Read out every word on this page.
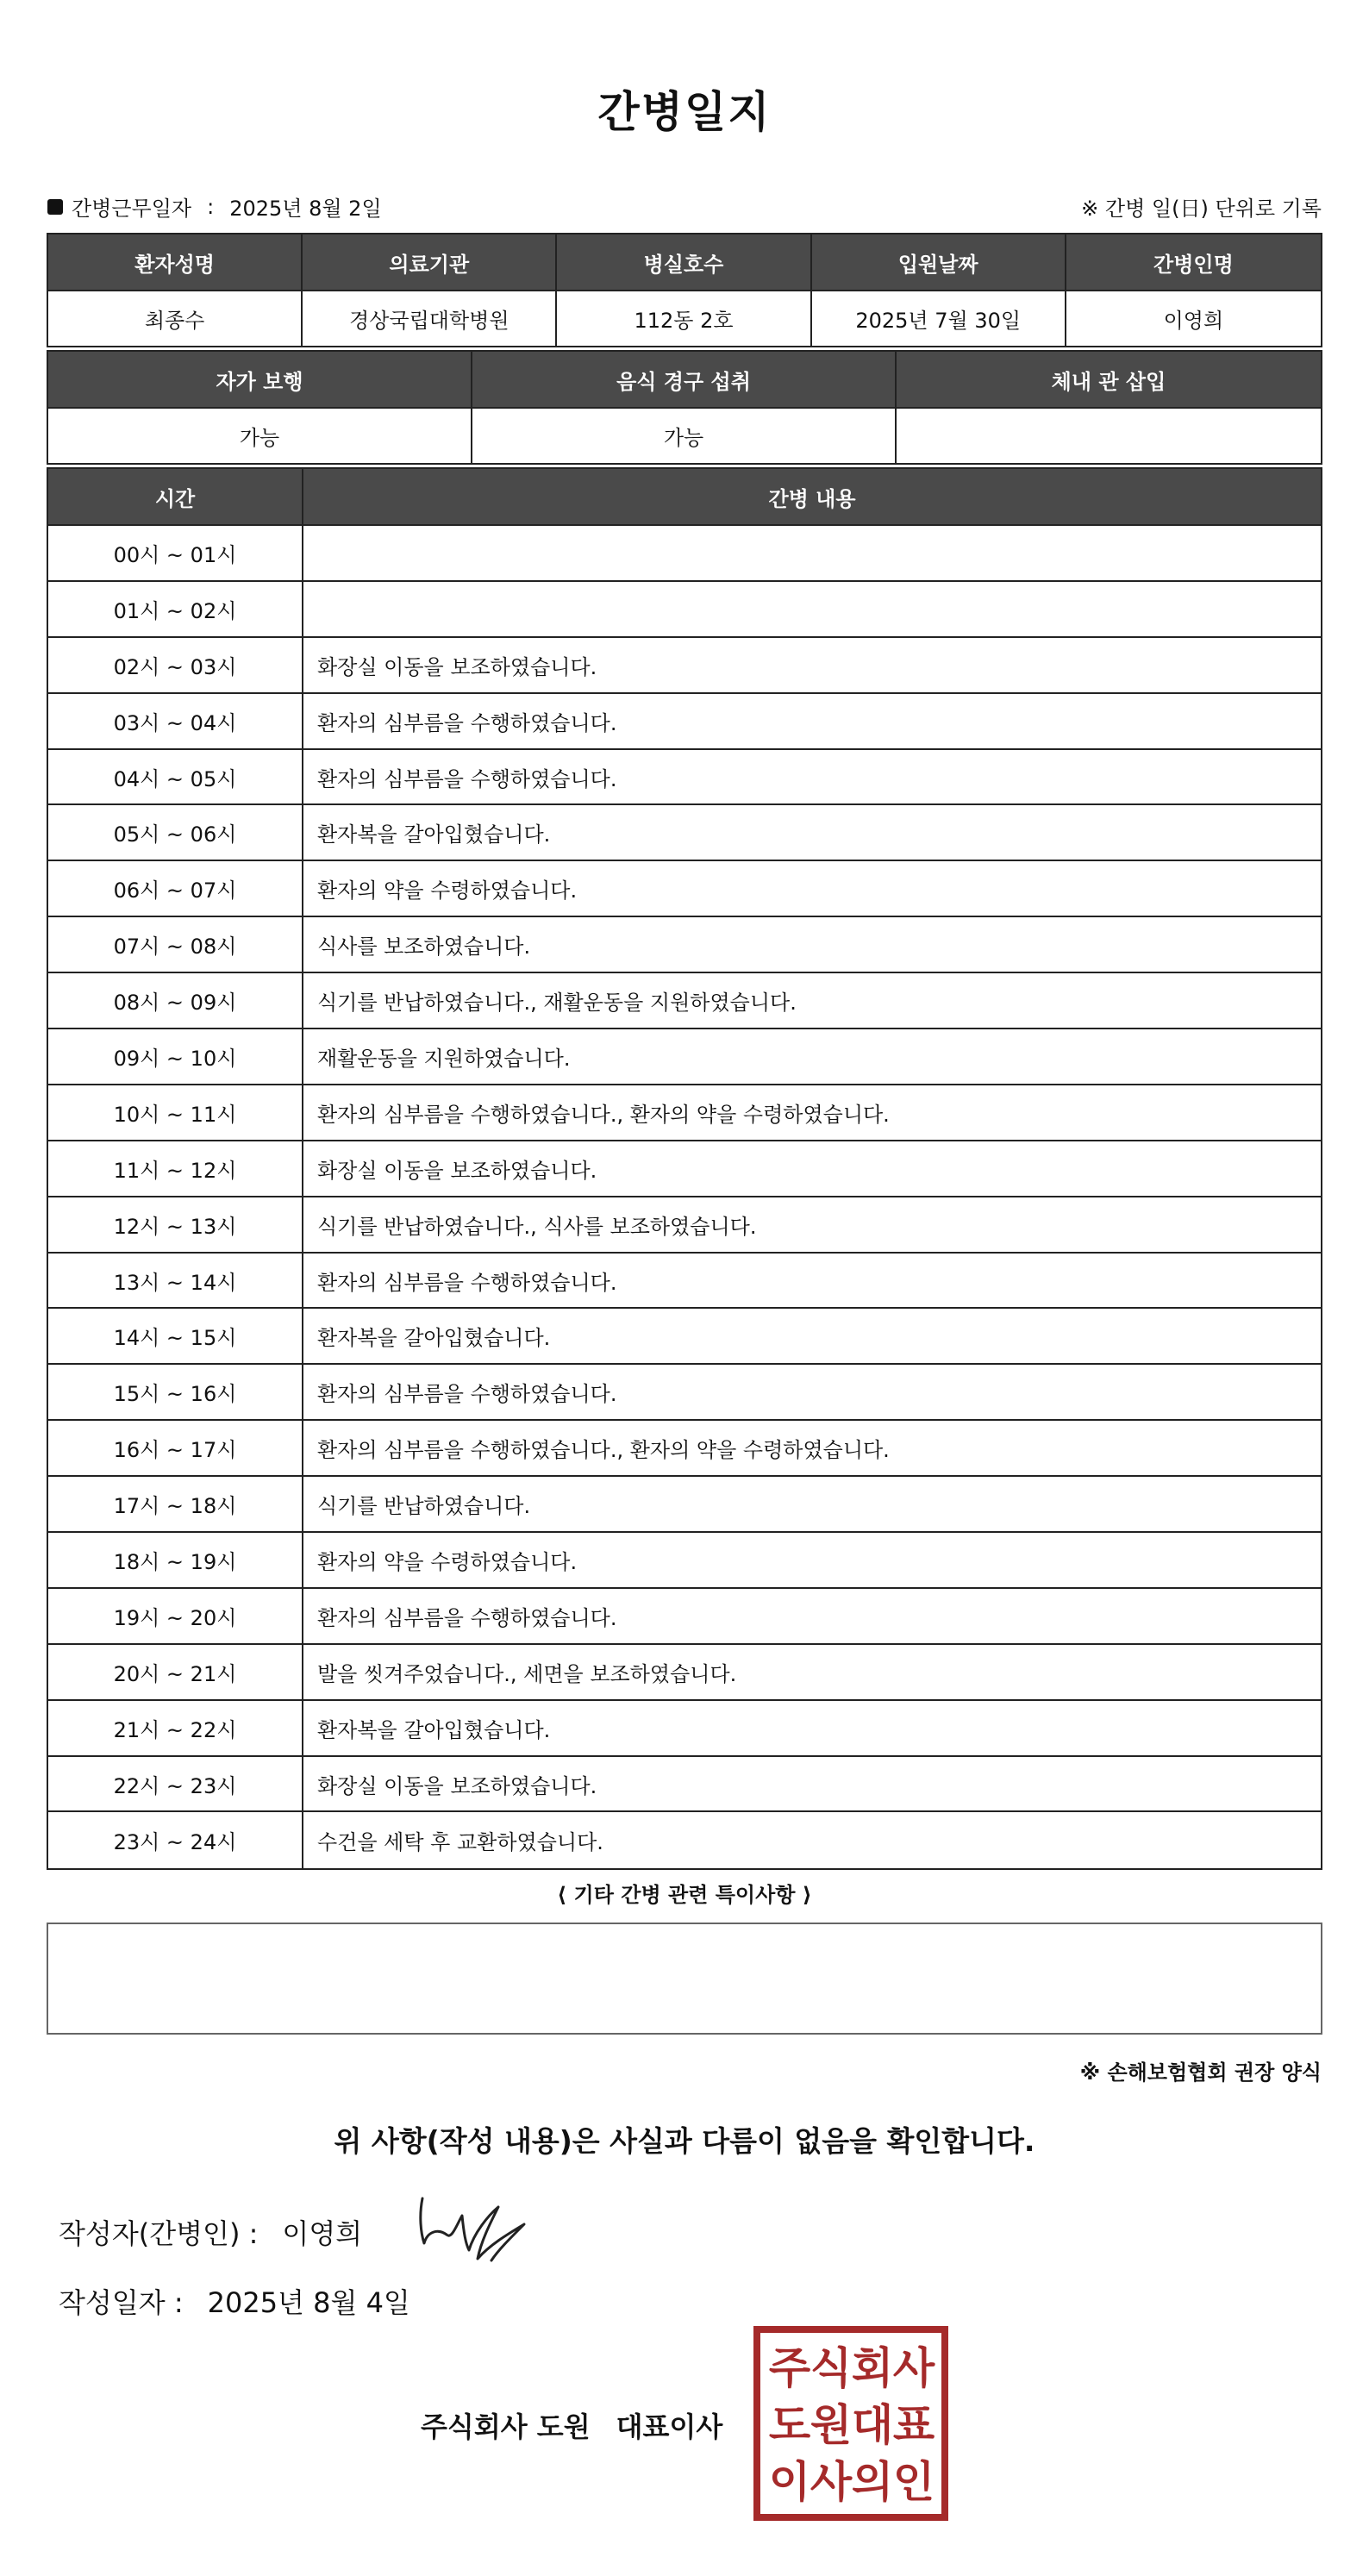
간병일지
간병근무일자 : 2025년 8월 2일	※ 간병 일(日) 단위로 기록
환자성명	의료기관	병실호수	입원날짜	간병인명
최종수	경상국립대학병원	112동 2호	2025년 7월 30일	이영희
자가 보행	음식 경구 섭취	체내 관 삽입
가능	가능
시간	간병 내용
00시 ~ 01시
01시 ~ 02시
02시 ~ 03시	화장실 이동을 보조하였습니다.
03시 ~ 04시	환자의 심부름을 수행하였습니다.
04시 ~ 05시	환자의 심부름을 수행하였습니다.
05시 ~ 06시	환자복을 갈아입혔습니다.
06시 ~ 07시	환자의 약을 수령하였습니다.
07시 ~ 08시	식사를 보조하였습니다.
08시 ~ 09시	식기를 반납하였습니다., 재활운동을 지원하였습니다.
09시 ~ 10시	재활운동을 지원하였습니다.
10시 ~ 11시	환자의 심부름을 수행하였습니다., 환자의 약을 수령하였습니다.
11시 ~ 12시	화장실 이동을 보조하였습니다.
12시 ~ 13시	식기를 반납하였습니다., 식사를 보조하였습니다.
13시 ~ 14시	환자의 심부름을 수행하였습니다.
14시 ~ 15시	환자복을 갈아입혔습니다.
15시 ~ 16시	환자의 심부름을 수행하였습니다.
16시 ~ 17시	환자의 심부름을 수행하였습니다., 환자의 약을 수령하였습니다.
17시 ~ 18시	식기를 반납하였습니다.
18시 ~ 19시	환자의 약을 수령하였습니다.
19시 ~ 20시	환자의 심부름을 수행하였습니다.
20시 ~ 21시	발을 씻겨주었습니다., 세면을 보조하였습니다.
21시 ~ 22시	환자복을 갈아입혔습니다.
22시 ~ 23시	화장실 이동을 보조하였습니다.
23시 ~ 24시	수건을 세탁 후 교환하였습니다.
⟨ 기타 간병 관련 특이사항 ⟩
※ 손해보험협회 권장 양식
위 사항(작성 내용)은 사실과 다름이 없음을 확인합니다.
작성자(간병인) : 이영희
작성일자 : 2025년 8월 4일
주식회사 도원 대표이사
주 식 회 사
도 원 대 표
이 사 의 인
